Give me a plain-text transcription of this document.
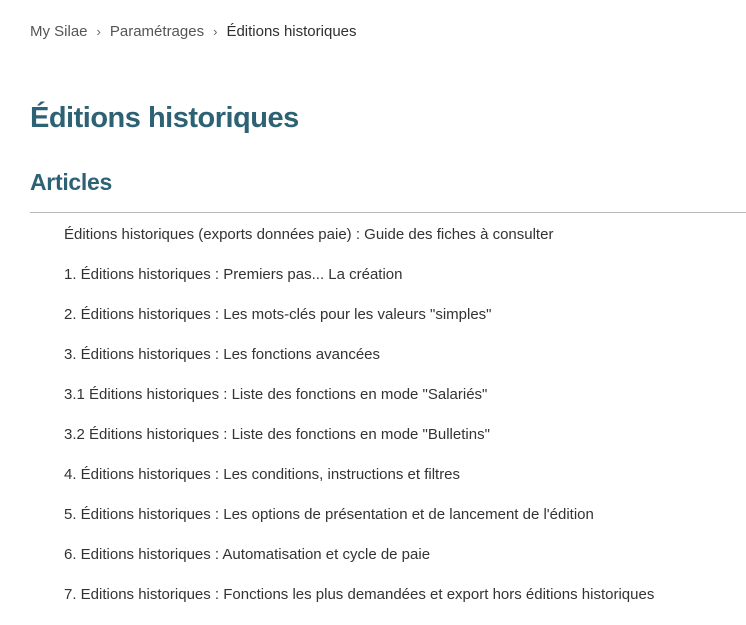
My Silae › Paramétrages › Éditions historiques
Éditions historiques
Articles
Éditions historiques (exports données paie) : Guide des fiches à consulter
1. Éditions historiques : Premiers pas... La création
2. Éditions historiques : Les mots-clés pour les valeurs "simples"
3. Éditions historiques : Les fonctions avancées
3.1 Éditions historiques : Liste des fonctions en mode "Salariés"
3.2 Éditions historiques : Liste des fonctions en mode "Bulletins"
4. Éditions historiques : Les conditions, instructions et filtres
5. Éditions historiques : Les options de présentation et de lancement de l'édition
6. Editions historiques : Automatisation et cycle de paie
7. Editions historiques : Fonctions les plus demandées et export hors éditions historiques
